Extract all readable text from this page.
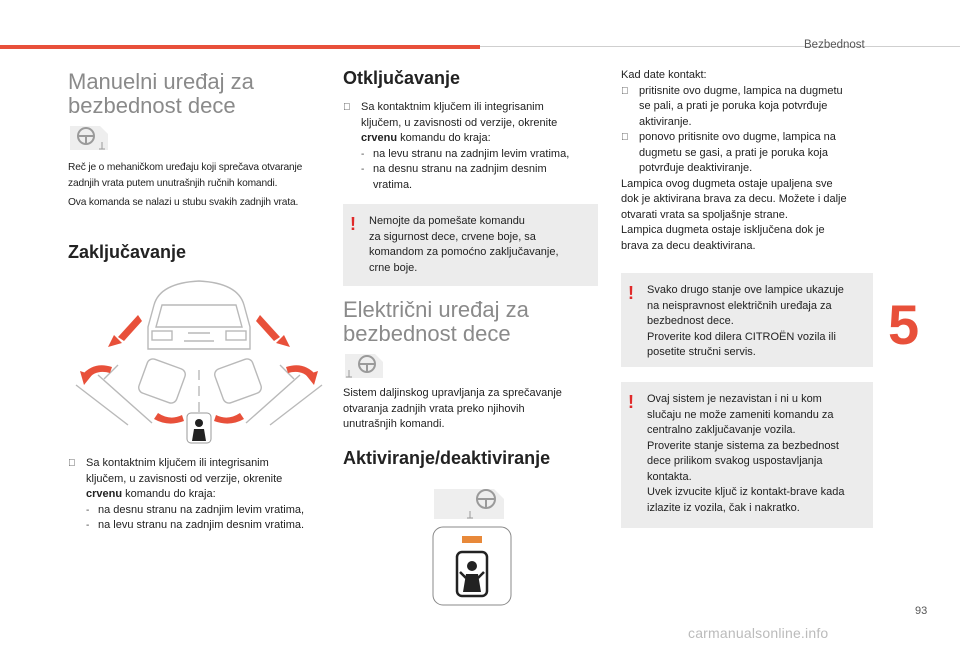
Bezbednost
5
93
carmanualsonline.info
Manuelni uređaj za
bezbednost dece
Reč je o mehaničkom uređaju koji sprečava otvaranje
zadnjih vrata putem unutrašnjih ručnih komandi.
Ova komanda se nalazi u stubu svakih zadnjih vrata.
Zaključavanje
Sa kontaktnim ključem ili integrisanim
ključem, u zavisnosti od verzije, okrenite
crvenu komandu do kraja:
- na desnu stranu na zadnjim levim vratima,
- na levu stranu na zadnjim desnim vratima.
Otključavanje
Sa kontaktnim ključem ili integrisanim
ključem, u zavisnosti od verzije, okrenite
crvenu komandu do kraja:
- na levu stranu na zadnjim levim vratima,
- na desnu stranu na zadnjim desnim
vratima.
! Nemojte da pomešate komandu
za sigurnost dece, crvene boje, sa
komandom za pomoćno zaključavanje,
crne boje.
Električni uređaj za
bezbednost dece
Sistem daljinskog upravljanja za sprečavanje
otvaranja zadnjih vrata preko njihovih
unutrašnjih komandi.
Aktiviranje/deaktiviranje
Kad date kontakt:
pritisnite ovo dugme, lampica na dugmetu
se pali, a prati je poruka koja potvrđuje
aktiviranje.
ponovo pritisnite ovo dugme, lampica na
dugmetu se gasi, a prati je poruka koja
potvrđuje deaktiviranje.
Lampica ovog dugmeta ostaje upaljena sve
dok je aktivirana brava za decu. Možete i dalje
otvarati vrata sa spoljašnje strane.
Lampica dugmeta ostaje isključena dok je
brava za decu deaktivirana.
! Svako drugo stanje ove lampice ukazuje
na neispravnost električnih uređaja za
bezbednost dece.
Proverite kod dilera CITROËN vozila ili
posetite stručni servis.
! Ovaj sistem je nezavistan i ni u kom
slučaju ne može zameniti komandu za
centralno zaključavanje vozila.
Proverite stanje sistema za bezbednost
dece prilikom svakog uspostavljanja
kontakta.
Uvek izvucite ključ iz kontakt-brave kada
izlazite iz vozila, čak i nakratko.
